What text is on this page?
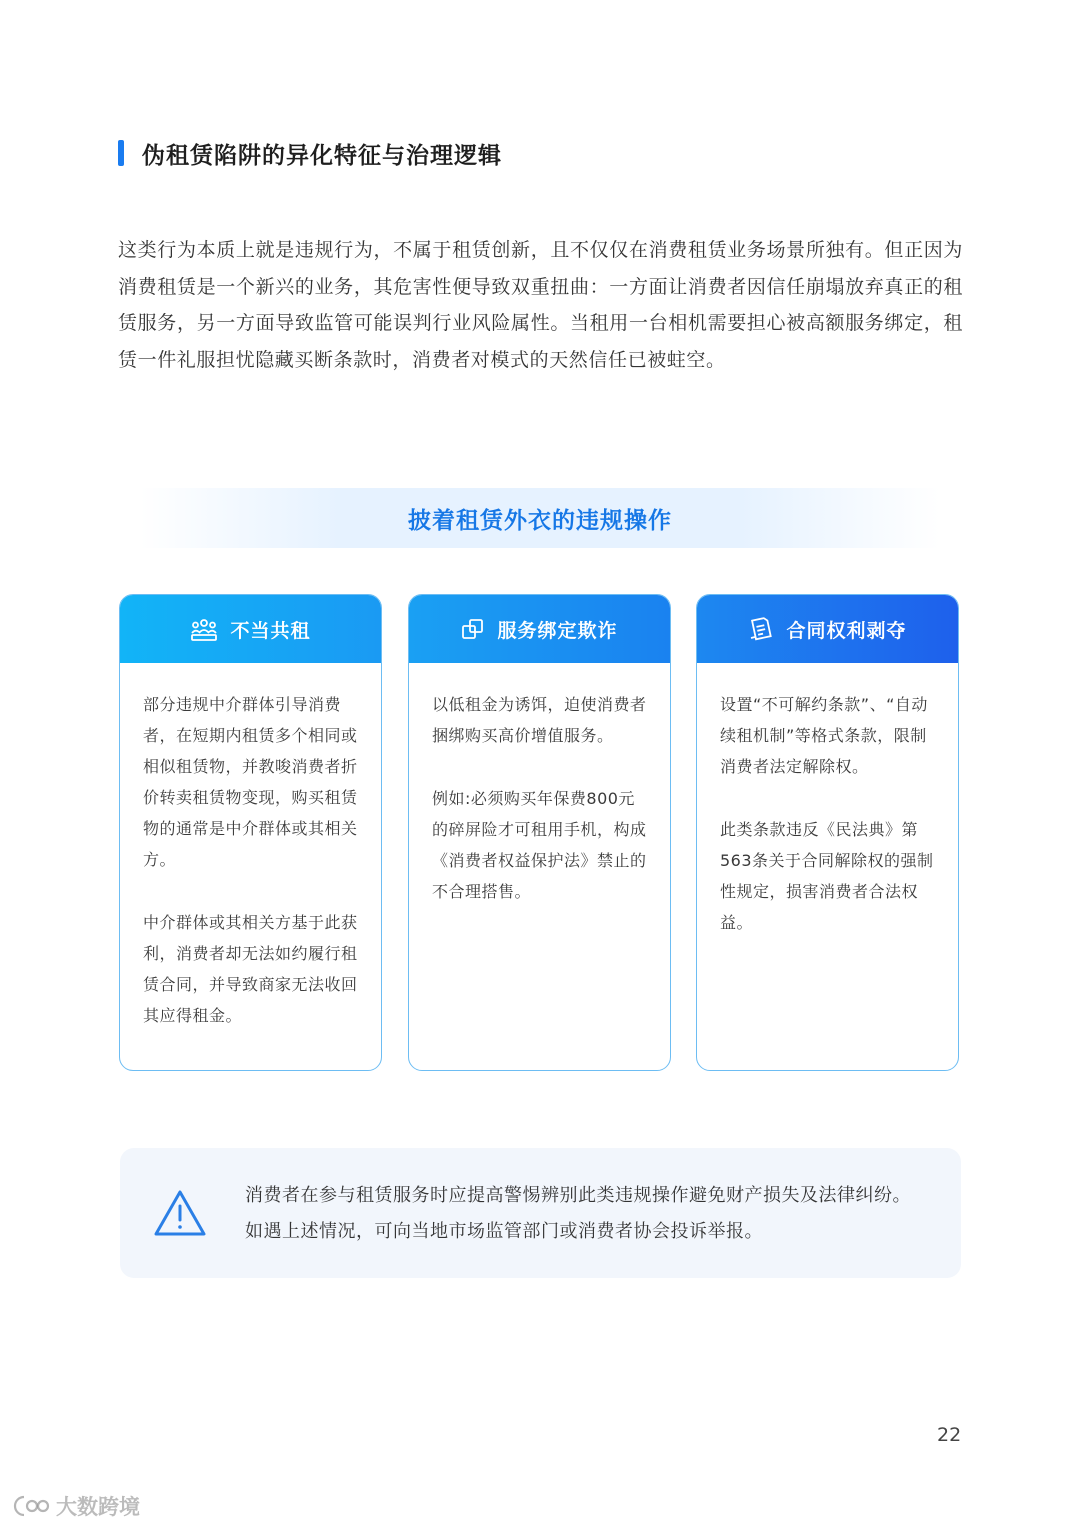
伪租赁陷阱的异化特征与治理逻辑
这类行为本质上就是违规行为，不属于租赁创新，且不仅仅在消费租赁业务场景所独有。但正因为消费租赁是一个新兴的业务，其危害性便导致双重扭曲：一方面让消费者因信任崩塌放弃真正的租赁服务，另一方面导致监管可能误判行业风险属性。当租用一台相机需要担心被高额服务绑定，租赁一件礼服担忧隐藏买断条款时，消费者对模式的天然信任已被蛀空。
披着租赁外衣的违规操作
不当共租

部分违规中介群体引导消费者，在短期内租赁多个相同或相似租赁物，并教唆消费者折价转卖租赁物变现，购买租赁物的通常是中介群体或其相关方。

中介群体或其相关方基于此获利，消费者却无法如约履行租赁合同，并导致商家无法收回其应得租金。

服务绑定欺诈

以低租金为诱饵，迫使消费者捆绑购买高价增值服务。

例如:必须购买年保费800元的碎屏险才可租用手机，构成《消费者权益保护法》禁止的不合理搭售。

合同权利剥夺

设置“不可解约条款”、“自动续租机制”等格式条款，限制消费者法定解除权。

此类条款违反《民法典》第563条关于合同解除权的强制性规定，损害消费者合法权益。

消费者在参与租赁服务时应提高警惕辨别此类违规操作避免财产损失及法律纠纷。
如遇上述情况，可向当地市场监管部门或消费者协会投诉举报。
22
大数跨境
